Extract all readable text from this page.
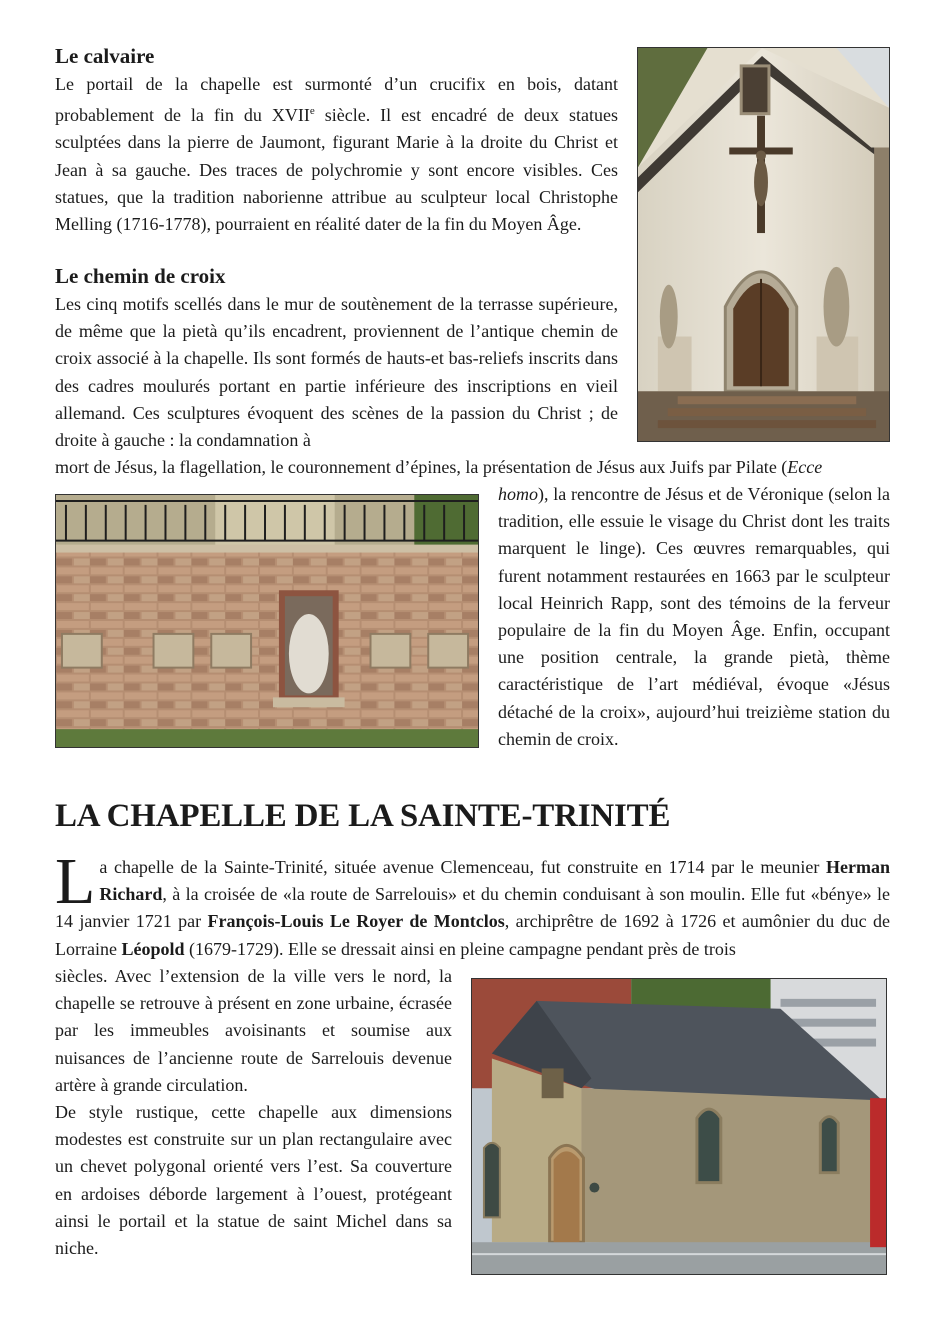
Le calvaire

Le portail de la chapelle est surmonté d’un crucifix en bois, datant probablement de la fin du XVIIe siècle. Il est encadré de deux statues sculptées dans la pierre de Jaumont, figurant Marie à la droite du Christ et Jean à sa gauche. Des traces de polychromie y sont encore visibles. Ces statues, que la tradition naborienne attribue au sculpteur local Christophe Melling (1716-1778), pourraient en réalité dater de la fin du Moyen Âge.

Le chemin de croix

Les cinq motifs scellés dans le mur de soutènement de la terrasse supérieure, de même que la pietà qu’ils encadrent, proviennent de l’antique chemin de croix associé à la chapelle. Ils sont formés de hauts-et bas-reliefs inscrits dans des cadres moulurés portant en partie inférieure des inscriptions en vieil allemand. Ces sculptures évoquent des scènes de la passion du Christ ; de droite à gauche : la condamnation à

mort de Jésus, la flagellation, le couronnement d’épines, la présentation de Jésus aux Juifs par Pilate (Ecce

homo), la rencontre de Jésus et de Véronique (selon la tradition, elle essuie le visage du Christ dont les traits marquent le linge). Ces œuvres remarquables, qui furent notamment restaurées en 1663 par le sculpteur local Heinrich Rapp, sont des témoins de la ferveur populaire de la fin du Moyen Âge. Enfin, occupant une position centrale, la grande pietà, thème caractéristique de l’art médiéval, évoque «Jésus détaché de la croix», aujourd’hui treizième station du chemin de croix.

LA CHAPELLE DE LA SAINTE-TRINITÉ

La chapelle de la Sainte-Trinité, située avenue Clemenceau, fut construite en 1714 par le meunier Herman Richard, à la croisée de «la route de Sarrelouis» et du chemin conduisant à son moulin. Elle fut «bényе» le 14 janvier 1721 par François-Louis Le Royer de Montclos, archiprêtre de 1692 à 1726 et aumônier du duc de Lorraine Léopold (1679-1729). Elle se dressait ainsi en pleine campagne pendant près de trois

siècles. Avec l’extension de la ville vers le nord, la chapelle se retrouve à présent en zone urbaine, écrasée par les immeubles avoisinants et soumise aux nuisances de l’ancienne route de Sarrelouis devenue artère à grande circulation.

De style rustique, cette chapelle aux dimensions modestes est construite sur un plan rectangulaire avec un chevet polygonal orienté vers l’est. Sa couverture en ardoises déborde largement à l’ouest, protégeant ainsi le portail et la statue de saint Michel dans sa niche.
